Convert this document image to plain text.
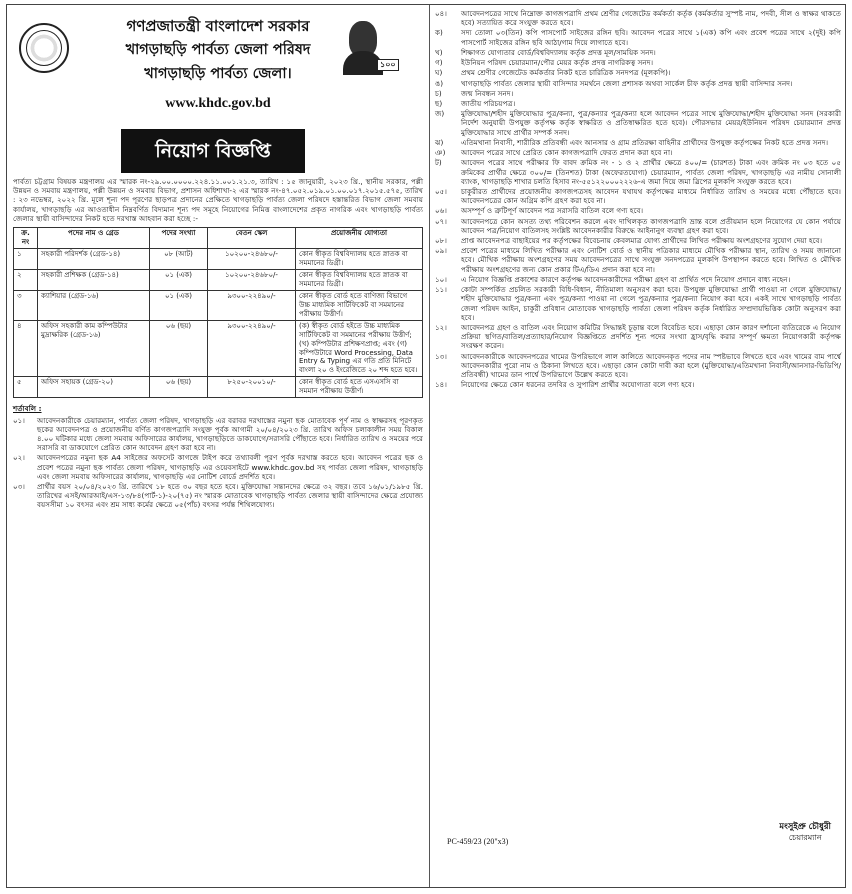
গণপ্রজাতন্ত্রী বাংলাদেশ সরকার
খাগড়াছড়ি পার্বত্য জেলা পরিষদ
খাগড়াছড়ি পার্বত্য জেলা।
www.khdc.gov.bd
১০০
নিয়োগ বিজ্ঞপ্তি

পার্বত্য চট্টগ্রাম বিষয়ক মন্ত্রণালয় এর স্মারক নং-২৯.০০.০০০০.২২৪.১১.০০১.২১.৩, তারিখ : ১৫ জানুয়ারী, ২০২৩ খ্রি., স্থানীয় সরকার, পল্লী উন্নয়ন ও সমবায় মন্ত্রণালয়, পল্লী উন্নয়ন ও সমবায় বিভাগ, প্রশাসন অধিশাখা-২ এর স্মারক নং-৪৭.০৫২.০১৯.০১.০০.০১৭.২০১৫.৫৭৫, তারিখ : ২৩ নভেম্বর, ২০২২ খ্রি. মূলে শূন্য পদ পূরণের ছাড়পত্র প্রদানের প্রেক্ষিতে খাগড়াছড়ি পার্বত্য জেলা পরিষদে হস্তান্তরিত বিভাগ জেলা সমবায় কার্যালয়, খাগড়াছড়ি এর আওতাধীন নিম্নবর্ণিত বিদ্যমান শূন্য পদ সমূহে নিয়োগের নিমিত্ত বাংলাদেশের প্রকৃত নাগরিক এবং খাগড়াছড়ি পার্বত্য জেলার স্থায়ী বাসিন্দাদের নিকট হতে দরখাস্ত আহবান করা হচ্ছে :-

ক্র. নং	পদের নাম ও গ্রেড	পদের সংখ্যা	বেতন স্কেল	প্রয়োজনীয় যোগ্যতা
১	সহকারী পরিদর্শক (গ্রেড-১৪)	০৮ (আট)	১০২০০-২৪৬৮০/-	কোন স্বীকৃত বিশ্ববিদ্যালয় হতে স্নাতক বা সমমানের ডিগ্রী।
২	সহকারী প্রশিক্ষক (গ্রেড-১৪)	০১ (এক)	১০২০০-২৪৬৮০/-	কোন স্বীকৃত বিশ্ববিদ্যালয় হতে স্নাতক বা সমমানের ডিগ্রী।
৩	ক্যাশিয়ার (গ্রেড-১৬)	০১ (এক)	৯৩০০-২২৪৯০/-	কোন স্বীকৃত বোর্ড হতে বাণিজ্য বিভাগে উচ্চ মাধ্যমিক সার্টিফিকেট বা সমমানের পরীক্ষায় উত্তীর্ণ।
৪	অফিস সহকারী কাম কম্পিউটার মুদ্রাক্ষরিক (গ্রেড-১৬)	০৬ (ছয়)	৯৩০০-২২৪৯০/-	(ক) স্বীকৃত বোর্ড হইতে উচ্চ মাধ্যমিক সার্টিফিকেট বা সমমানের পরীক্ষায় উত্তীর্ণ; (খ) কম্পিউটার প্রশিক্ষণপ্রাপ্ত; এবং (গ) কম্পিউটারে Word Processing, Data Entry & Typing এর গতি প্রতি মিনিটে বাংলা ২০ ও ইংরেজিতে ২০ শব্দ হতে হবে।
৫	অফিস সহায়ক (গ্রেড-২০)	০৬ (ছয়)	৮২৫০-২০০১০/-	কোন স্বীকৃত বোর্ড হতে এসএসসি বা সমমান পরীক্ষায় উত্তীর্ণ।
শর্তাবলি :
০১।	আবেদনকারীকে চেয়ারম্যান, পার্বত্য জেলা পরিষদ, খাগড়াছড়ি এর বরাবর দরখাস্তের নমুনা ছক মোতাবেক পূর্ণ নাম ও স্বাক্ষরসহ পূরণকৃত ছকের আবেদনপত্র ও প্রয়োজনীয় বর্ণিত কাগজপত্রাদি সংযুক্ত পূর্বক আগামী ২০/০৪/২০২৩ খ্রি. তারিখ অফিস চলাকালীন সময় বিকাল ৪.০০ ঘটিকার মধ্যে জেলা সমবায় অফিসারের কার্যালয়, খাগড়াছড়িতে ডাকযোগে/সরাসরি পৌঁছাতে হবে। নির্ধারিত তারিখ ও সময়ের পরে সরাসরি বা ডাকযোগে প্রেরিত কোন আবেদন গ্রহণ করা হবে না।
০২।	আবেদনপত্রের নমুনা ছক A4 সাইজের অফসেট কাগজে টাইপ করে তথ্যাবলী পূরণ পূর্বক দরখাস্ত করতে হবে। আবেদন পত্রের ছক ও প্রবেশ পত্রের নমুনা ছক পার্বত্য জেলা পরিষদ, খাগড়াছড়ি এর ওয়েবসাইটে www.khdc.gov.bd সহ পার্বত্য জেলা পরিষদ, খাগড়াছড়ি এবং জেলা সমবায় অফিসারের কার্যালয়, খাগড়াছড়ি এর নোটিশ বোর্ডে প্রদর্শিত হবে।
০৩।	প্রার্থীর বয়স ২০/০৪/২০২৩ খ্রি. তারিখে ১৮ হতে ৩০ বছর হতে হবে। মুক্তিযোদ্ধা সন্তানদের ক্ষেত্রে ৩২ বছর। তবে ১৬/০১/১৯৮৫ খ্রি. তারিখের এসই/আরআই/এস-১৩/৮৪(পার্ট-১)-২০(৭৫) নং স্মারক মোতাবেক খাগড়াছড়ি পার্বত্য জেলার স্থায়ী বাসিন্দাদের ক্ষেত্রে প্রযোজ্য বয়সসীমা ১০ বৎসর এবং শ্রম সাধ্য কর্মের ক্ষেত্রে ০৫(পাঁচ) বৎসর পর্যন্ত শিথিলযোগ্য।
০৪।	আবেদনপত্রের সাথে নিম্নোক্ত কাগজপত্রাদি প্রথম শ্রেণীর গেজেটেড কর্মকর্তা কর্তৃক (কর্মকর্তার সুস্পষ্ট নাম, পদবী, সীল ও স্বাক্ষর থাকতে হবে) সত্যায়িত করে সংযুক্ত করতে হবে।
ক)	সদ্য তোলা ০৩(তিন) কপি পাসপোর্ট সাইজের রঙ্গিন ছবি। আবেদন পত্রের সাথে ১(এক) কপি এবং প্রবেশ পত্রের সাথে ২(দুই) কপি পাসপোর্ট সাইজের রঙ্গিন ছবি আঠা/গাম দিয়ে লাগাতে হবে।
খ)	শিক্ষাগত যোগ্যতার বোর্ড/বিশ্ববিদ্যালয় কর্তৃক প্রদত্ত মূল/সাময়িক সনদ।
গ)	ইউনিয়ন পরিষদ চেয়ারম্যান/পৌর মেয়র কর্তৃক প্রদত্ত নাগরিকত্ব সনদ।
ঘ)	প্রথম শ্রেণীর গেজেটেড কর্মকর্তার নিকট হতে চারিত্রিক সনদপত্র (মূলকপি)।
ঙ)	খাগড়াছড়ি পার্বত্য জেলার স্থায়ী বাসিন্দার সমর্থনে জেলা প্রশাসক অথবা সার্কেল চীফ কর্তৃক প্রদত্ত স্থায়ী বাসিন্দার সনদ।
চ)	জন্ম নিবন্ধন সনদ।
ছ)	জাতীয় পরিচয়পত্র।
জ)	মুক্তিযোদ্ধা/শহীদ মুক্তিযোদ্ধার পুত্র/কন্যা, পুত্র/কন্যার পুত্র/কন্যা হলে আবেদন পত্রের সাথে মুক্তিযোদ্ধা/শহীদ মুক্তিযোদ্ধা সনদ (সরকারী নির্দেশ অনুযায়ী উপযুক্ত কর্তৃপক্ষ কর্তৃক স্বাক্ষরিত ও প্রতিস্বাক্ষরিত হতে হবে)। পৌরসভার মেয়র/ইউনিয়ন পরিষদ চেয়ারম্যান প্রদত্ত মুক্তিযোদ্ধার সাথে প্রার্থীর সম্পর্ক সনদ।
ঝ)	এতিমখানা নিবাসী, শারীরিক প্রতিবন্ধী এবং আনসার ও গ্রাম প্রতিরক্ষা বাহিনীর প্রার্থীদের উপযুক্ত কর্তৃপক্ষের নিকট হতে প্রদত্ত সনদ।
ঞ)	আবেদন পত্রের সাথে প্রেরিত কোন কাগজপত্রাদি ফেরত প্রদান করা হবে না।
ট)	আবেদন পত্রের সাথে পরীক্ষার ফি বাবদ ক্রমিক নং - ১ ও ২ প্রার্থীর ক্ষেত্রে ৪০০/= (চারশত) টাকা এবং ক্রমিক নং ০৩ হতে ০৫ ক্রমিকের প্রার্থীর ক্ষেত্রে ৩০০/= (তিনশত) টাকা (অফেরতযোগ্য) চেয়ারম্যান, পার্বত্য জেলা পরিষদ, খাগড়াছড়ি এর নামীয় সোনালী ব্যাংক, খাগড়াছড়ি শাখার চলতি হিসাব নং-৫৫১২২০০০২২২৬-এ জমা দিয়ে জমা স্লিপের মূলকপি সংযুক্ত করতে হবে।
০৫।	চাকুরীরত প্রার্থীদের প্রয়োজনীয় কাগজপত্রসহ আবেদন যথাযথ কর্তৃপক্ষের মাধ্যমে নির্ধারিত তারিখ ও সময়ের মধ্যে পৌঁছাতে হবে। আবেদনপত্রের কোন অগ্রিম কপি গ্রহণ করা হবে না।
০৬।	অসম্পূর্ণ ও ত্রুটিপূর্ণ আবেদন পত্র সরাসরি বাতিল বলে গণ্য হবে।
০৭।	আবেদনপত্রে কোন অসত্য তথ্য পরিবেশন করলে এবং দাখিলকৃত কাগজপত্রাদি ভ্রান্ত বলে প্রতীয়মান হলে নিয়োগের যে কোন পর্যায়ে আবেদন পত্র/নিয়োগ বাতিলসহ সংশ্লিষ্ট আবেদনকারীর বিরুদ্ধে আইনানুগ ব্যবস্থা গ্রহণ করা হবে।
০৮।	প্রাপ্ত আবেদনপত্র বাছাইয়ের পর কর্তৃপক্ষের বিবেচনায় কেবলমাত্র যোগ্য প্রার্থীদের লিখিত পরীক্ষায় অংশগ্রহণের সুযোগ দেয়া হবে।
০৯।	প্রবেশ পত্রের মাধ্যমে লিখিত পরীক্ষার এবং নোটিশ বোর্ড ও স্থানীয় পত্রিকার মাধ্যমে মৌখিক পরীক্ষার স্থান, তারিখ ও সময় জানানো হবে। মৌখিক পরীক্ষায় অংশগ্রহণের সময় আবেদনপত্রের সাথে সংযুক্ত সনদপত্রের মূলকপি উপস্থাপন করতে হবে। লিখিত ও মৌখিক পরীক্ষায় অংশগ্রহণের জন্য কোন প্রকার টিএ/ডিএ প্রদান করা হবে না।
১০।	এ নিয়োগ বিজ্ঞপ্তি প্রকাশের কারণে কর্তৃপক্ষ আবেদনকারীদের পরীক্ষা গ্রহণ বা প্রার্থিত পদে নিয়োগ প্রদানে বাধ্য নহেন।
১১।	কোটা সম্পর্কিত প্রচলিত সরকারী বিধি-বিধান, নীতিমালা অনুসরণ করা হবে। উপযুক্ত মুক্তিযোদ্ধা প্রার্থী পাওয়া না গেলে মুক্তিযোদ্ধা/শহীদ মুক্তিযোদ্ধার পুত্র/কন্যা এবং পুত্র/কন্যা পাওয়া না গেলে পুত্র/কন্যার পুত্র/কন্যা নিয়োগ করা হবে। একই সাথে খাগড়াছড়ি পার্বত্য জেলা পরিষদ আইন, চাকুরী প্রবিধান মোতাবেক খাগড়াছড়ি পার্বত্য জেলা পরিষদ কর্তৃক নির্ধারিত সম্প্রদায়ভিত্তিক কোটা অনুসরণ করা হবে।
১২।	আবেদনপত্র গ্রহণ ও বাতিল এবং নিয়োগ কমিটির সিদ্ধান্তই চূড়ান্ত বলে বিবেচিত হবে। এছাড়া কোন কারণ দর্শানো ব্যতিরেকে এ নিয়োগ প্রক্রিয়া স্থগিত/বাতিল/প্রত্যাহার/নিয়োগ বিজ্ঞপ্তিতে প্রদর্শিত শূন্য পদের সংখ্যা হ্রাস/বৃদ্ধি করার সম্পূর্ণ ক্ষমতা নিয়োগকারী কর্তৃপক্ষ সংরক্ষণ করেন।
১৩।	আবেদনকারীকে আবেদনপত্রের খামের উপরিভাগে লাল কালিতে আবেদনকৃত পদের নাম স্পষ্টভাবে লিখতে হবে এবং খামের বাম পার্শ্বে আবেদনকারীর পুরো নাম ও ঠিকানা লিখতে হবে। এছাড়া কোন কোটা দাবী করা হলে (মুক্তিযোদ্ধা/এতিমখানা নিবাসী/আনসার-ভিডিপি/প্রতিবন্ধী) খামের ডান পার্শ্বে উপরিভাগে উল্লেখ করতে হবে।
১৪।	নিয়োগের ক্ষেত্রে কোন ধরনের তদবির ও সুপারিশ প্রার্থীর অযোগ্যতা বলে গণ্য হবে।
PC-459/23 (20"x3)
মংসুইপ্রু চৌধুরী
চেয়ারম্যান
